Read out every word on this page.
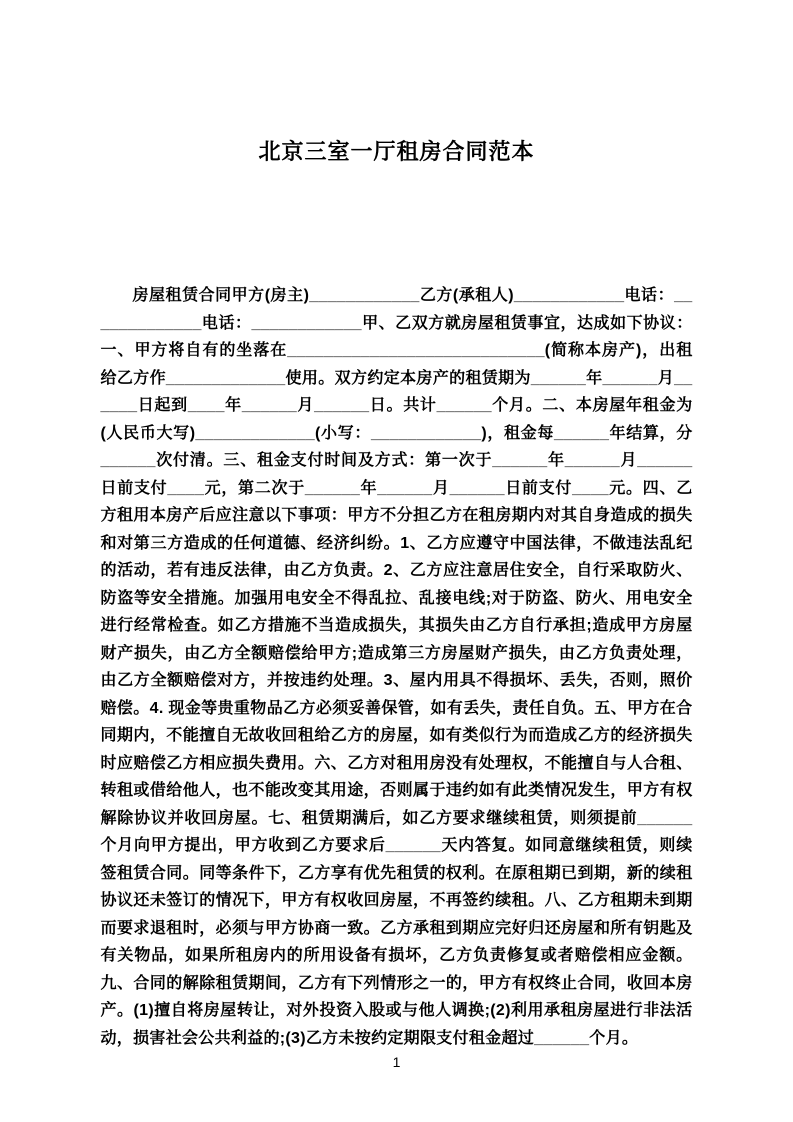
北京三室一厅租房合同范本

房屋租赁合同甲方(房主)____________乙方(承租人)____________电话：_____________电话：____________甲、乙双方就房屋租赁事宜，达成如下协议：一、甲方将自有的坐落在____________________________(简称本房产)，出租给乙方作_____________使用。双方约定本房产的租赁期为______年______月______日起到____年______月______日。共计______个月。二、本房屋年租金为(人民币大写)_____________(小写：____________)，租金每______年结算，分______次付清。三、租金支付时间及方式：第一次于______年______月______日前支付____元，第二次于______年______月______日前支付____元。四、乙方租用本房产后应注意以下事项：甲方不分担乙方在租房期内对其自身造成的损失和对第三方造成的任何道德、经济纠纷。1、乙方应遵守中国法律，不做违法乱纪的活动，若有违反法律，由乙方负责。2、乙方应注意居住安全，自行采取防火、防盗等安全措施。加强用电安全不得乱拉、乱接电线;对于防盗、防火、用电安全进行经常检查。如乙方措施不当造成损失，其损失由乙方自行承担;造成甲方房屋财产损失，由乙方全额赔偿给甲方;造成第三方房屋财产损失，由乙方负责处理，由乙方全额赔偿对方，并按违约处理。3、屋内用具不得损坏、丢失，否则，照价赔偿。4. 现金等贵重物品乙方必须妥善保管，如有丢失，责任自负。五、甲方在合同期内，不能擅自无故收回租给乙方的房屋，如有类似行为而造成乙方的经济损失时应赔偿乙方相应损失费用。六、乙方对租用房没有处理权，不能擅自与人合租、转租或借给他人，也不能改变其用途，否则属于违约如有此类情况发生，甲方有权解除协议并收回房屋。七、租赁期满后，如乙方要求继续租赁，则须提前______个月向甲方提出，甲方收到乙方要求后______天内答复。如同意继续租赁，则续签租赁合同。同等条件下，乙方享有优先租赁的权利。在原租期已到期，新的续租协议还未签订的情况下，甲方有权收回房屋，不再签约续租。八、乙方租期未到期而要求退租时，必须与甲方协商一致。乙方承租到期应完好归还房屋和所有钥匙及有关物品，如果所租房内的所用设备有损坏，乙方负责修复或者赔偿相应金额。九、合同的解除租赁期间，乙方有下列情形之一的，甲方有权终止合同，收回本房产。(1)擅自将房屋转让，对外投资入股或与他人调换;(2)利用承租房屋进行非法活动，损害社会公共利益的;(3)乙方未按约定期限支付租金超过______个月。

1
